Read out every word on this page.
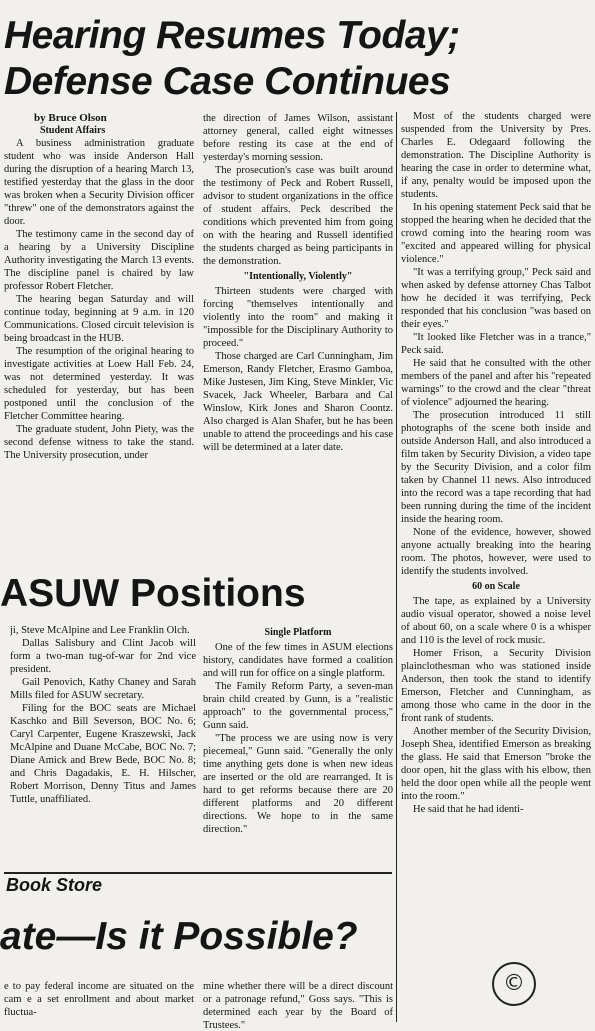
Hearing Resumes Today;
Defense Case Continues
by Bruce Olson
Student Affairs

A business administration graduate student who was inside Anderson Hall during the disruption of a hearing March 13, testified yesterday that the glass in the door was broken when a Security Division officer "threw" one of the demonstrators against the door.

The testimony came in the second day of a hearing by a University Discipline Authority investigating the March 13 events. The discipline panel is chaired by law professor Robert Fletcher.

The hearing began Saturday and will continue today, beginning at 9 a.m. in 120 Communications. Closed circuit television is being broadcast in the HUB.

The resumption of the original hearing to investigate activities at Loew Hall Feb. 24, was not determined yesterday. It was scheduled for yesterday, but has been postponed until the conclusion of the Fletcher Committee hearing.

The graduate student, John Piety, was the second defense witness to take the stand. The University prosecution, under

the direction of James Wilson, assistant attorney general, called eight witnesses before resting its case at the end of yesterday's morning session.

The prosecution's case was built around the testimony of Peck and Robert Russell, advisor to student organizations in the office of student affairs. Peck described the conditions which prevented him from going on with the hearing and Russell identified the students charged as being participants in the demonstration.

"Intentionally, Violently"

Thirteen students were charged with forcing "themselves intentionally and violently into the room" and making it "impossible for the Disciplinary Authority to proceed."

Those charged are Carl Cunningham, Jim Emerson, Randy Fletcher, Erasmo Gamboa, Mike Justesen, Jim King, Steve Minkler, Vic Svacek, Jack Wheeler, Barbara and Cal Winslow, Kirk Jones and Sharon Coontz. Also charged is Alan Shafer, but he has been unable to attend the proceedings and his case will be determined at a later date.

Most of the students charged were suspended from the University by Pres. Charles E. Odegaard following the demonstration. The Discipline Authority is hearing the case in order to determine what, if any, penalty would be imposed upon the students.

In his opening statement Peck said that he stopped the hearing when he decided that the crowd coming into the hearing room was "excited and appeared willing for physical violence."

"It was a terrifying group," Peck said and when asked by defense attorney Chas Talbot how he decided it was terrifying, Peck responded that his conclusion "was based on their eyes."

"It looked like Fletcher was in a trance," Peck said.

He said that he consulted with the other members of the panel and after his "repeated warnings" to the crowd and the clear "threat of violence" adjourned the hearing.

The prosecution introduced 11 still photographs of the scene both inside and outside Anderson Hall, and also introduced a film taken by Security Division, a video tape by the Security Division, and a color film taken by Channel 11 news. Also introduced into the record was a tape recording that had been running during the time of the incident inside the hearing room.

None of the evidence, however, showed anyone actually breaking into the hearing room. The photos, however, were used to identify the students involved.

60 on Scale

The tape, as explained by a University audio visual operator, showed a noise level of about 60, on a scale where 0 is a whisper and 110 is the level of rock music.

Homer Frison, a Security Division plainclothesman who was stationed inside Anderson, then took the stand to identify Emerson, Fletcher and Cunningham, as among those who came in the door in the front rank of students.

Another member of the Security Division, Joseph Shea, identified Emerson as breaking the glass. He said that Emerson "broke the door open, hit the glass with his elbow, then held the door open while all the people went into the room."

He said that he had identi-

ASUW Positions

ji, Steve McAlpine and Lee Franklin Olch.

Dallas Salisbury and Clint Jacob will form a two-man tug-of-war for 2nd vice president.

Gail Penovich, Kathy Chaney and Sarah Mills filed for ASUW secretary.

Filing for the BOC seats are Michael Kaschko and Bill Severson, BOC No. 6; Caryl Carpenter, Eugene Kraszewski, Jack McAlpine and Duane McCabe, BOC No. 7; Diane Amick and Brew Bede, BOC No. 8; and Chris Dagadakis, E. H. Hilscher, Robert Morrison, Denny Titus and James Tuttle, unaffiliated.

Single Platform

One of the few times in ASUM elections history, candidates have formed a coalition and will run for office on a single platform.

The Family Reform Party, a seven-man brain child created by Gunn, is a "realistic approach" to the governmental process," Gunn said.

"The process we are using now is very piecemeal," Gunn said. "Generally the only time anything gets done is when new ideas are inserted or the old are rearranged. It is hard to get reforms because there are 20 different platforms and 20 different directions. We hope to in the same direction."

Book Store
ate—Is it Possible?

e to pay federal income are situated on the cam e a set enrollment and about market fluctua-

mine whether there will be a direct discount or a patronage refund," Goss says. "This is determined each year by the Board of Trustees."

©
